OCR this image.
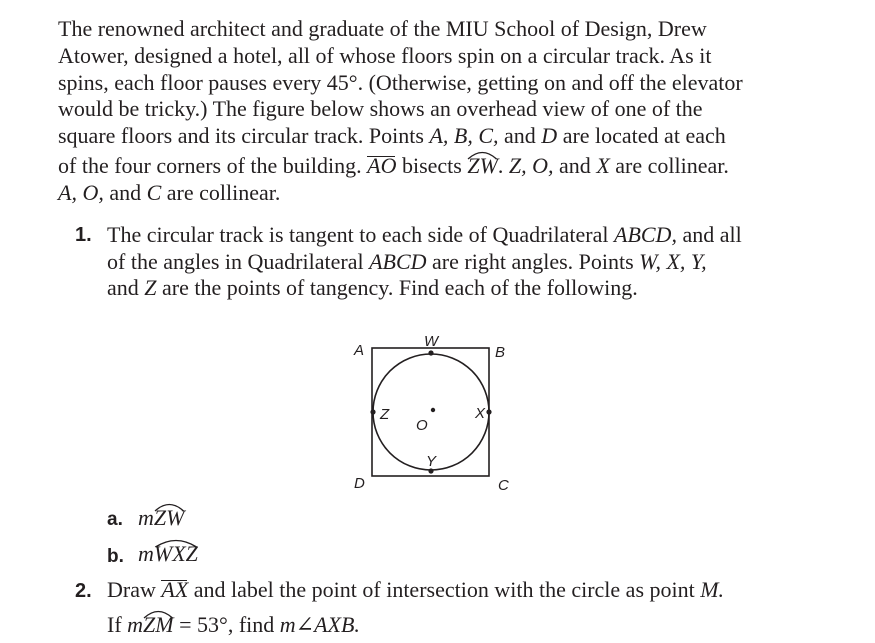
The renowned architect and graduate of the MIU School of Design, Drew
Atower, designed a hotel, all of whose floors spin on a circular track. As it
spins, each floor pauses every 45°. (Otherwise, getting on and off the elevator
would be tricky.) The figure below shows an overhead view of one of the
square floors and its circular track. Points A, B, C, and D are located at each
of the four corners of the building. AO bisects
ZW. Z, O, and X are collinear.
A, O, and C are collinear.
1. The circular track is tangent to each side of Quadrilateral ABCD, and all
of the angles in Quadrilateral ABCD are right angles. Points W, X, Y,
and Z are the points of tangency. Find each of the following.
A	B
C
D
W
X
Y
Z
O
a. m
ZW
b. m
WXZ
2. Draw AX and label the point of intersection with the circle as point M.
If m
ZM = 53°, find m∠AXB.
